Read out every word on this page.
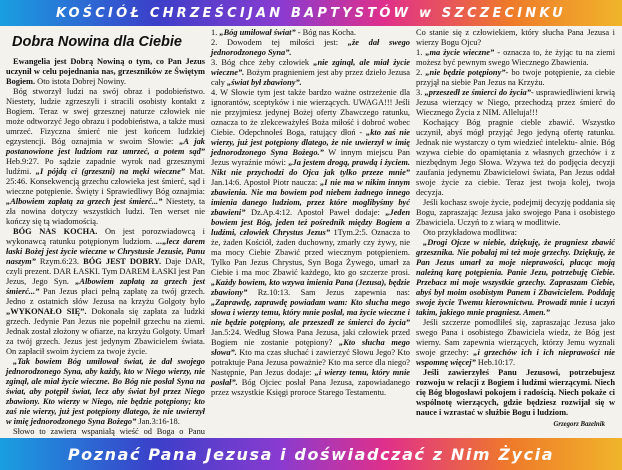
KOŚCIÓŁ CHRZEŚCIJAN BAPTYSTÓW w SZCZECINKU
Dobra Nowina dla Ciebie

Ewangelia jest Dobrą Nowiną o tym, co Pan Jezus uczynił w celu pojednania nas, grzeszników ze Świętym Bogiem. Oto istota Dobrej Nowiny.

Bóg stworzył ludzi na swój obraz i podobieństwo. Niestety, ludzie zgrzeszyli i stracili osobisty kontakt z Bogiem. Teraz w swej grzesznej naturze człowiek nie może odtworzyć Jego obrazu i podobieństwa, a także musi umrzeć. Fizyczna śmierć nie jest końcem ludzkiej egzystencji. Bóg oznajmia w swoim Słowie: „A jak postanowione jest ludziom raz umrzeć, a potem sąd” Heb.9:27. Po sądzie zapadnie wyrok nad grzesznymi ludźmi. „I pójdą ci (grzeszni) na męki wieczne” Mat. 25:46. Konsekwencją grzechu człowieka jest śmierć, sąd i wieczne potępienie. Święty i Sprawiedliwy Bóg oznajmia: „Albowiem zapłatą za grzech jest śmierć...” Niestety, ta zła nowina dotyczy wszystkich ludzi. Ten werset nie kończy się tą wiadomością.

BÓG NAS KOCHA. On jest porozwiadowcą i wykonawcą ratunku potępionym ludziom. ...„lecz darem łaski Bożej jest życie wieczne w Chrystusie Jezusie, Panu naszym” Rzym.6:23. BÓG JEST DOBRY. Daje DAR, czyli prezent. DAR ŁASKI. Tym DAREM ŁASKI jest Pan Jezus, Jego Syn. „Albowiem zapłatą za grzech jest śmierć...” Pan Jezus płaci pełną zapłatę za twój grzech. Jedno z ostatnich słów Jezusa na krzyżu Golgoty było „WYKONAŁO SIĘ”. Dokonała się zapłata za ludzki grzech. Jedynie Pan Jezus nie popełnił grzechu na ziemi. Jednak został złożony w ofiarze, na krzyżu Golgoty. Umarł za twój grzech. Jezus jest jedynym Zbawicielem świata. On zapłacił swoim życiem za twoje życie.

„Tak bowiem Bóg umiłował świat, że dał swojego jednorodzonego Syna, aby każdy, kto w Niego wierzy, nie zginął, ale miał życie wieczne. Bo Bóg nie posłał Syna na świat, aby potępił świat, lecz aby świat był przez Niego zbawiony. Kto wierzy w Niego, nie będzie potępiony; kto zaś nie wierzy, już jest potępiony dlatego, że nie uwierzył w imię jednorodzonego Syna Bożego” Jan.3:16-18.

Słowo to zawiera wspaniałą wieść od Boga o Panu

1. „Bóg umiłował świat” - Bóg nas Kocha.

2. Dowodem tej miłości jest: „że dał swego jednorodzonego Syna”.

3. Bóg chce żeby człowiek „nie zginął, ale miał życie wieczne”. Bożym pragnieniem jest aby przez dzieło Jezusa cały „świat był zbawiony”.

4. W Słowie tym jest także bardzo ważne ostrzeżenie dla ignorantów, sceptyków i nie wierzących. UWAGA!!! Jeśli nie przyjmiesz jedynej Bożej oferty Zbawczego ratunku, oznacza to że zlekceważyłeś Boża miłość i dobroć wobec Ciebie. Odepchnołeś Boga, ratujący dłoń - „kto zaś nie wierzy, już jest potępiony dlatego, że nie uwierzył w imię jednorodzonego Syna Bożego.” W innym miejscu Pan Jezus wyraźnie mówi: „Ja jestem drogą, prawdą i życiem. Nikt nie przychodzi do Ojca jak tylko przeze mnie” Jan.14:6. Apostoł Piotr naucza: „I nie ma w nikim innym zbawienia. Nie ma bowiem pod niebem żadnego innego imienia danego ludziom, przez które moglibyśmy być zbawieni” Dz.Ap.4:12. Apostoł Paweł dodaje: „Jeden bowiem jest Bóg, jeden też pośrednik między Bogiem a ludźmi, człowiek Chrystus Jezus” 1Tym.2:5. Oznacza to że, żaden Kościół, żaden duchowny, zmarły czy żywy, nie ma mocy Ciebie Zbawić przed wiecznym potępieniem. Tylko Pan Jezus Chrystus, Syn Boga Żywego, umarł za Ciebie i ma moc Zbawić każdego, kto go szczerze prosi. „Każdy bowiem, kto wzywa imienia Pana (Jezusa), będzie zbawiony” Rz.10:13. Sam Jezus zapewnia nas: „Zaprawdę, zaprawdę powiadam wam: Kto słucha mego słowa i wierzy temu, który mnie posłał, ma życie wieczne i nie będzie potępiony, ale przeszedł ze śmierci do życia” Jan.5:24. Według Słowa Pana Jezusa, jaki człowiek przed Bogiem nie zostanie potępiony? „Kto słucha mego słowa”. Kto ma czas słuchać i zawierzyć Słowu Jego? Kto potraktuje Pana Jezusa poważnie? Kto ma serce dla niego? Następnie, Pan Jezus dodaje: „i wierzy temu, który mnie posłał”. Bóg Ojciec posłał Pana Jezusa, zapowiadanego przez wszystkie Księgi proroce Starego Testamentu.

Co stanie się z człowiekiem, który słucha Pana Jezusa i wierzy Bogu Ojcu?

1. „ma życie wieczne” - oznacza to, że żyjąc tu na ziemi możesz być pewnym swego Wiecznego Zbawienia.

2. „nie będzie potępiony”- bo twoje potępienie, za ciebie przyjął na siebie Pan Jezus na Krzyżu.

3. „przeszedł ze śmierci do życia”- usprawiedliwieni krwią Jezusa wierzący w Niego, przechodzą przez śmierć do Wiecznego Życia z NIM. Alleluja!!!

Kochający Bóg pragnie cieble zbawić. Wszystko uczynił, abyś mógł przyjąć Jego jedyną ofertę ratunku. Jednak nie wystarczy o tym wiedzieć intelektu- alnie. Bóg wzywa ciebie do opamiętania z własnych grzechów i z niezbędnym Jego Słowa. Wzywa też do podjęcia decyzji zaufania jedynemu Zbawicielowi świata, Pan Jezus oddał swoje życie za ciebie. Teraz jest twoja kolej, twoja decyzja.

Jeśli kochasz swoje życie, podejmij decyzję poddania się Bogu, zapraszając Jezusa jako swojego Pana i osobistego Zbawiciela. Uczyń to z wiarą w modlitwie.

Oto przykładowa modlitwa:

„Drogi Ojcze w niebie, dziękuję, że pragniesz zbawić grzesznika. Nie pobałaj mi też moje grzechy. Dziękuję, że Pan Jezus umarł za moje nieprawości, płacąc moją należną karę potępienia. Panie Jezu, potrzebuję Ciebie. Przebacz mi moje wszystkie grzechy. Zapraszam Ciebie, abyś był moim osobistym Panem i Zbawicielem. Poddaję swoje życie Twemu kierownictwu. Prowadź mnie i uczyń takim, jakiego mnie pragniesz. Amen.”

Jeśli szczerze pomodliłeś się, zapraszając Jezusa jako swego Pana i osobistego Zbawiciela wiedz, że Bóg jest wierny. Sam zapewnia wierzących, którzy Jemu wyznali swoje grzechy: „i grzechów ich i ich nieprawości nie wspomnę więcej” Heb.10:17.

Jeśli zawierzyłeś Panu Jezusowi, potrzebujesz rozwoju w relacji z Bogiem i ludźmi wierzącymi. Niech cię Bóg błogosławi pokojem i radością. Niech pokaże ci wspólnotę wierzących, gdzie będziesz rozwijał się w nauce i wzrastać w służbie Bogu i ludziom.

Grzegorz Bazelnik
Poznać Pana Jezusa i doświadczać z Nim Życia
